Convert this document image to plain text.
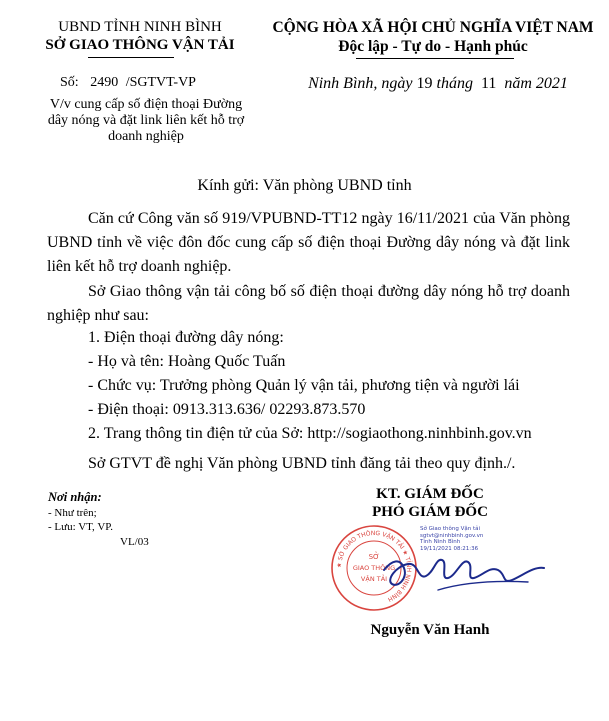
UBND TỈNH NINH BÌNH
SỞ GIAO THÔNG VẬN TẢI
CỘNG HÒA XÃ HỘI CHỦ NGHĨA VIỆT NAM
Độc lập - Tự do - Hạnh phúc
Số: 2490 /SGTVT-VP
V/v cung cấp số điện thoại Đường
dây nóng và đặt link liên kết hỗ trợ
doanh nghiệp
Ninh Bình, ngày 19 tháng 11 năm 2021
Kính gửi: Văn phòng UBND tỉnh

Căn cứ Công văn số 919/VPUBND-TT12 ngày 16/11/2021 của Văn phòng UBND tỉnh về việc đôn đốc cung cấp số điện thoại Đường dây nóng và đặt link liên kết hỗ trợ doanh nghiệp.

Sở Giao thông vận tải công bố số điện thoại đường dây nóng hỗ trợ doanh nghiệp như sau:

1. Điện thoại đường dây nóng:
- Họ và tên: Hoàng Quốc Tuấn
- Chức vụ: Trưởng phòng Quản lý vận tải, phương tiện và người lái
- Điện thoại: 0913.313.636/ 02293.873.570
2. Trang thông tin điện tử của Sở: http://sogiaothong.ninhbinh.gov.vn
Sở GTVT đề nghị Văn phòng UBND tỉnh đăng tải theo quy định./.
Nơi nhận:
- Như trên;
- Lưu: VT, VP.
VL/03
KT. GIÁM ĐỐC
PHÓ GIÁM ĐỐC
★ SỞ GIAO THÔNG VẬN TẢI ★ TỈNH NINH BÌNH
SỞ
GIAO THÔNG
VẬN TẢI
Sở Giao thông Vận tải
sgtvt@ninhbinh.gov.vn
Tỉnh Ninh Bình
19/11/2021 08:21:36
Nguyễn Văn Hanh
